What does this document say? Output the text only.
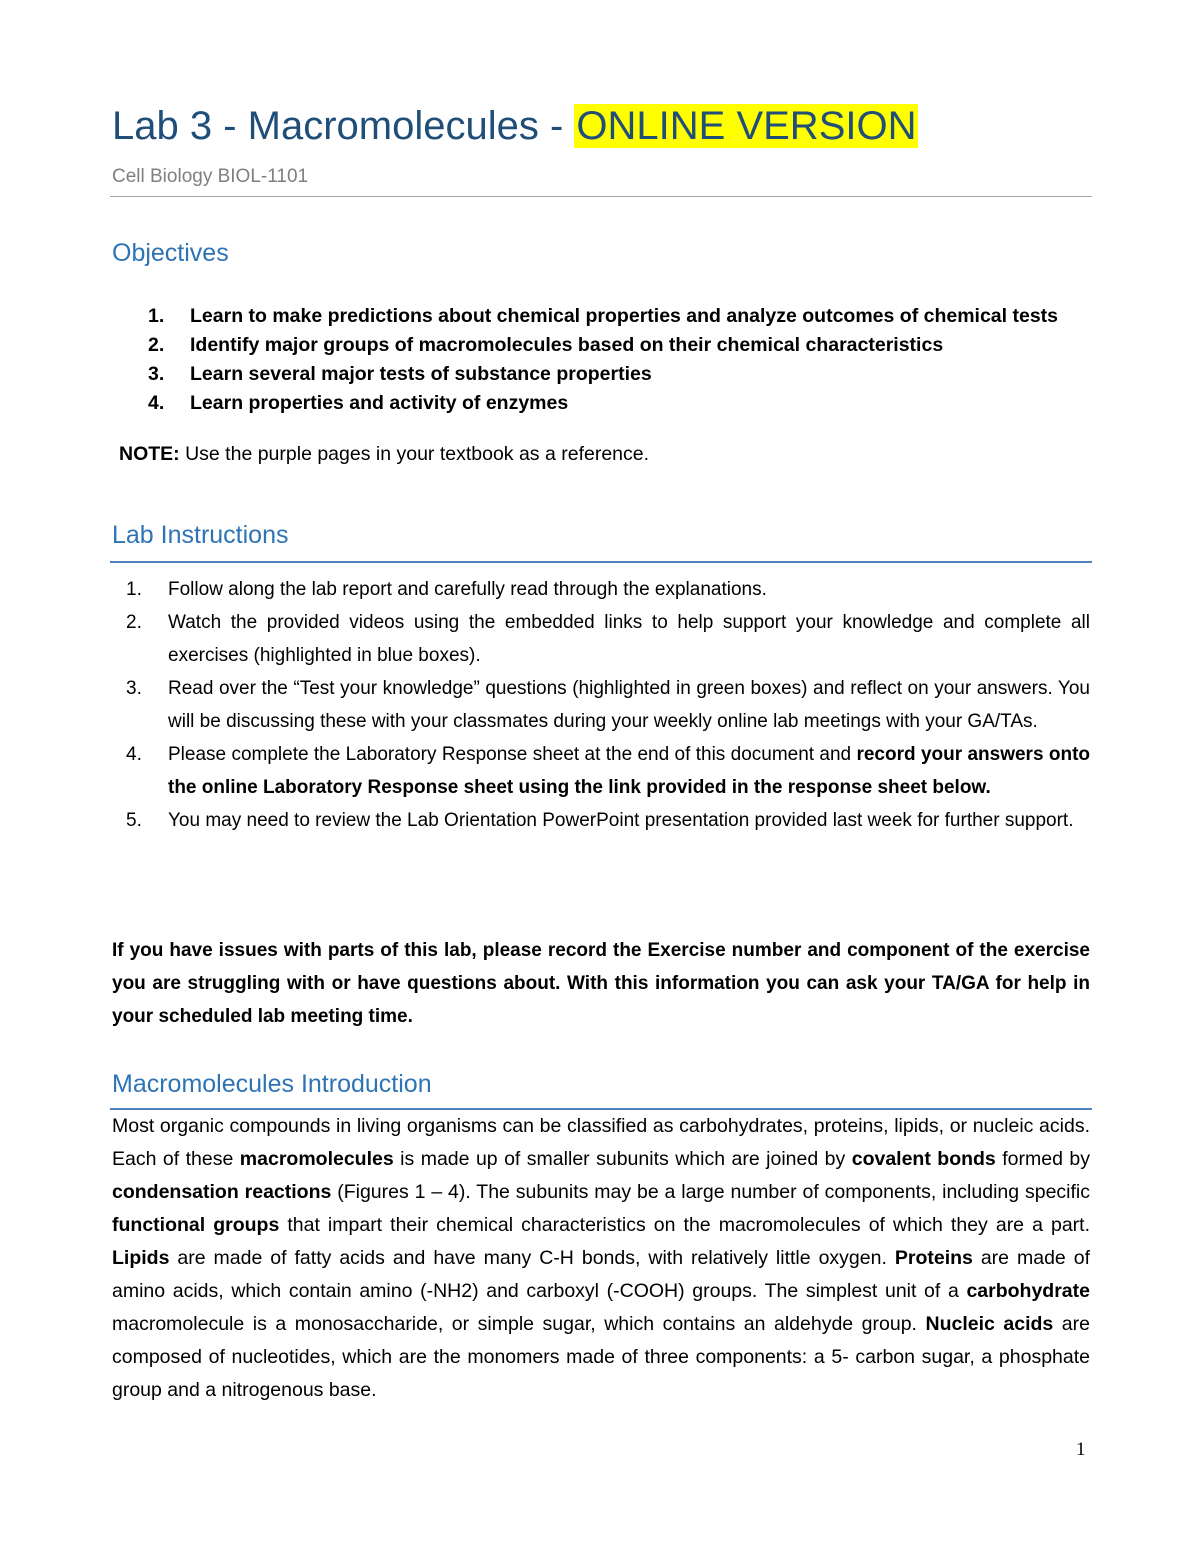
Lab 3 - Macromolecules - ONLINE VERSION
Cell Biology BIOL-1101
Objectives
1. Learn to make predictions about chemical properties and analyze outcomes of chemical tests
2. Identify major groups of macromolecules based on their chemical characteristics
3. Learn several major tests of substance properties
4. Learn properties and activity of enzymes
NOTE: Use the purple pages in your textbook as a reference.
Lab Instructions
1. Follow along the lab report and carefully read through the explanations.
2. Watch the provided videos using the embedded links to help support your knowledge and complete all exercises (highlighted in blue boxes).
3. Read over the “Test your knowledge” questions (highlighted in green boxes) and reflect on your answers. You will be discussing these with your classmates during your weekly online lab meetings with your GA/TAs.
4. Please complete the Laboratory Response sheet at the end of this document and record your answers onto the online Laboratory Response sheet using the link provided in the response sheet below.
5. You may need to review the Lab Orientation PowerPoint presentation provided last week for further support.

If you have issues with parts of this lab, please record the Exercise number and component of the exercise you are struggling with or have questions about. With this information you can ask your TA/GA for help in your scheduled lab meeting time.

Macromolecules Introduction

Most organic compounds in living organisms can be classified as carbohydrates, proteins, lipids, or nucleic acids. Each of these macromolecules is made up of smaller subunits which are joined by covalent bonds formed by condensation reactions (Figures 1 – 4). The subunits may be a large number of components, including specific functional groups that impart their chemical characteristics on the macromolecules of which they are a part. Lipids are made of fatty acids and have many C-H bonds, with relatively little oxygen. Proteins are made of amino acids, which contain amino (-NH2) and carboxyl (-COOH) groups. The simplest unit of a carbohydrate macromolecule is a monosaccharide, or simple sugar, which contains an aldehyde group. Nucleic acids are composed of nucleotides, which are the monomers made of three components: a 5- carbon sugar, a phosphate group and a nitrogenous base.

1
